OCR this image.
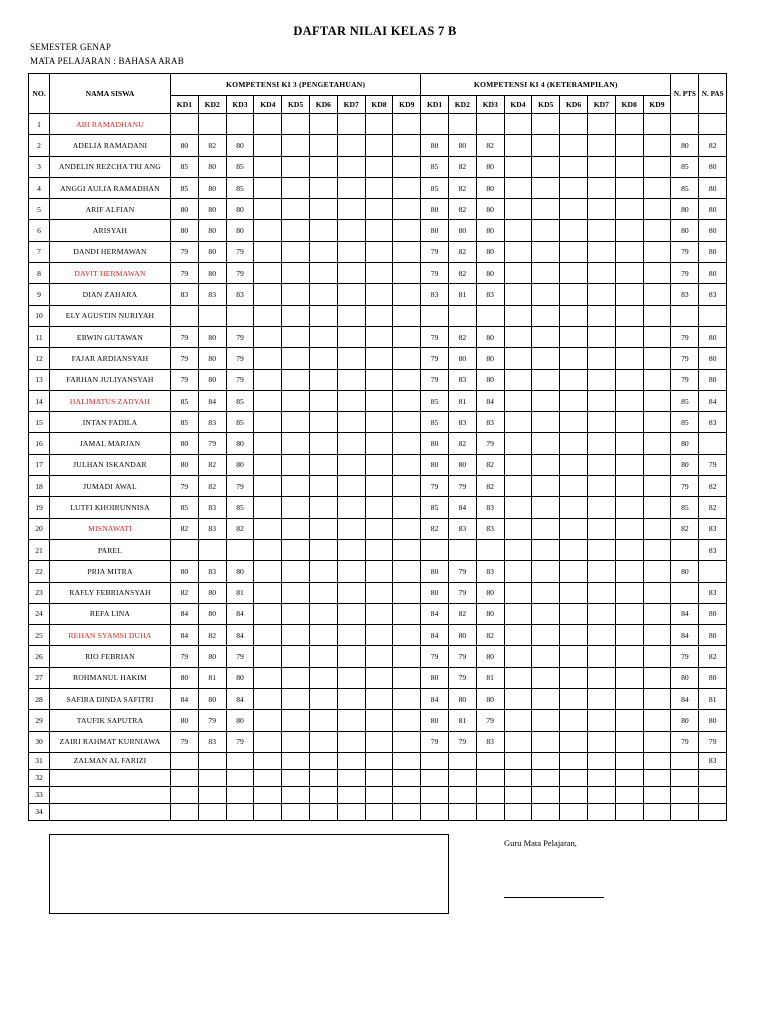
DAFTAR NILAI KELAS 7 B
SEMESTER GENAP
MATA PELAJARAN : BAHASA ARAB
NO.	NAMA SISWA	KOMPETENSI KI 3 (PENGETAHUAN)									KOMPETENSI KI 4 (KETERAMPILAN)									N. PTS	N. PAS
		KD1	KD2	KD3	KD4	KD5	KD6	KD7	KD8	KD9	KD1	KD2	KD3	KD4	KD5	KD6	KD7	KD8	KD9		
1	ABI RAMADHANU																				
2	ADELIA RAMADANI	80	82	80							80	80	82							80	82
3	ANDELIN REZCHA TRI ANG	85	80	85							85	82	80							85	80
4	ANGGI AULIA RAMADHAN	85	80	85							85	82	80							85	80
5	ARIF ALFIAN	80	80	80							80	82	80							80	80
6	ARISYAH	80	80	80							80	80	80							80	80
7	DANDI HERMAWAN	79	80	79							79	82	80							79	80
8	DAVIT HERMAWAN	79	80	79							79	82	80							79	80
9	DIAN ZAHARA	83	83	83							83	81	83							83	83
10	ELY AGUSTIN NURIYAH																				
11	ERWIN GUTAWAN	79	80	79							79	82	80							79	80
12	FAJAR ARDIANSYAH	79	80	79							79	80	80							79	80
13	FARHAN JULIYANSYAH	79	80	79							79	83	80							79	80
14	HALIMATUS ZADYAH	85	84	85							85	81	84							85	84
15	INTAN FADILA	85	83	85							85	83	83							85	83
16	JAMAL MARJAN	80	79	80							80	82	79							80	
17	JULHAN ISKANDAR	80	82	80							80	80	82							80	79
18	JUMADI AWAL	79	82	79							79	79	82							79	82
19	LUTFI KHOIRUNNISA	85	83	85							85	84	83							85	82
20	MISNAWATI	82	83	82							82	83	83							82	83
21	PAREL																				83
22	PRIA MITRA	80	83	80							80	79	83							80	
23	RAFLY FEBRIANSYAH	82	80	81							80	79	80								83
24	REFA LINA	84	80	84							84	82	80							84	80
25	REHAN SYAMSI DUHA	84	82	84							84	80	82							84	80
26	RIO FEBRIAN	79	80	79							79	79	80							79	82
27	ROHMANUL HAKIM	80	81	80							80	79	81							80	80
28	SAFIRA DINDA SAFITRI	84	80	84							84	80	80							84	81
29	TAUFIK SAPUTRA	80	79	80							80	81	79							80	80
30	ZAIRI RAHMAT KURNIAWA	79	83	79							79	79	83							79	79
31	ZALMAN AL FARIZI																				83
32																					
33																					
34																					
Guru Mata Pelajaran,
